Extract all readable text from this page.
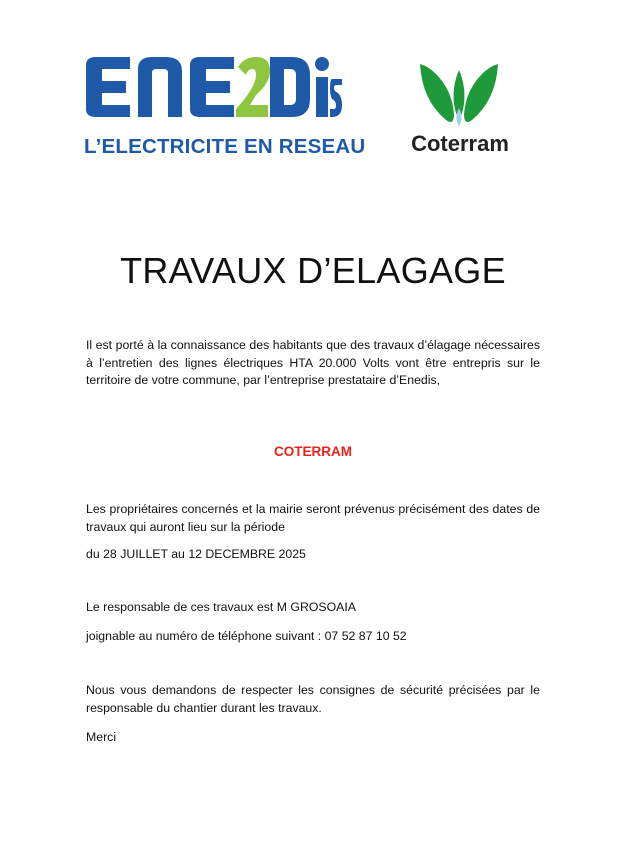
L’ELECTRICITE EN RESEAU	Coterram
TRAVAUX D’ELAGAGE
Il est porté à la connaissance des habitants que des travaux d’élagage nécessaires à l’entretien des lignes électriques HTA 20.000 Volts vont être entrepris sur le territoire de votre commune, par l’entreprise prestataire d’Enedis,
COTERRAM
Les propriétaires concernés et la mairie seront prévenus précisément des dates de travaux qui auront lieu sur la période
du 28 JUILLET au 12 DECEMBRE 2025
Le responsable de ces travaux est M GROSOAIA
joignable au numéro de téléphone suivant : 07 52 87 10 52
Nous vous demandons de respecter les consignes de sécurité précisées par le responsable du chantier durant les travaux.
Merci
